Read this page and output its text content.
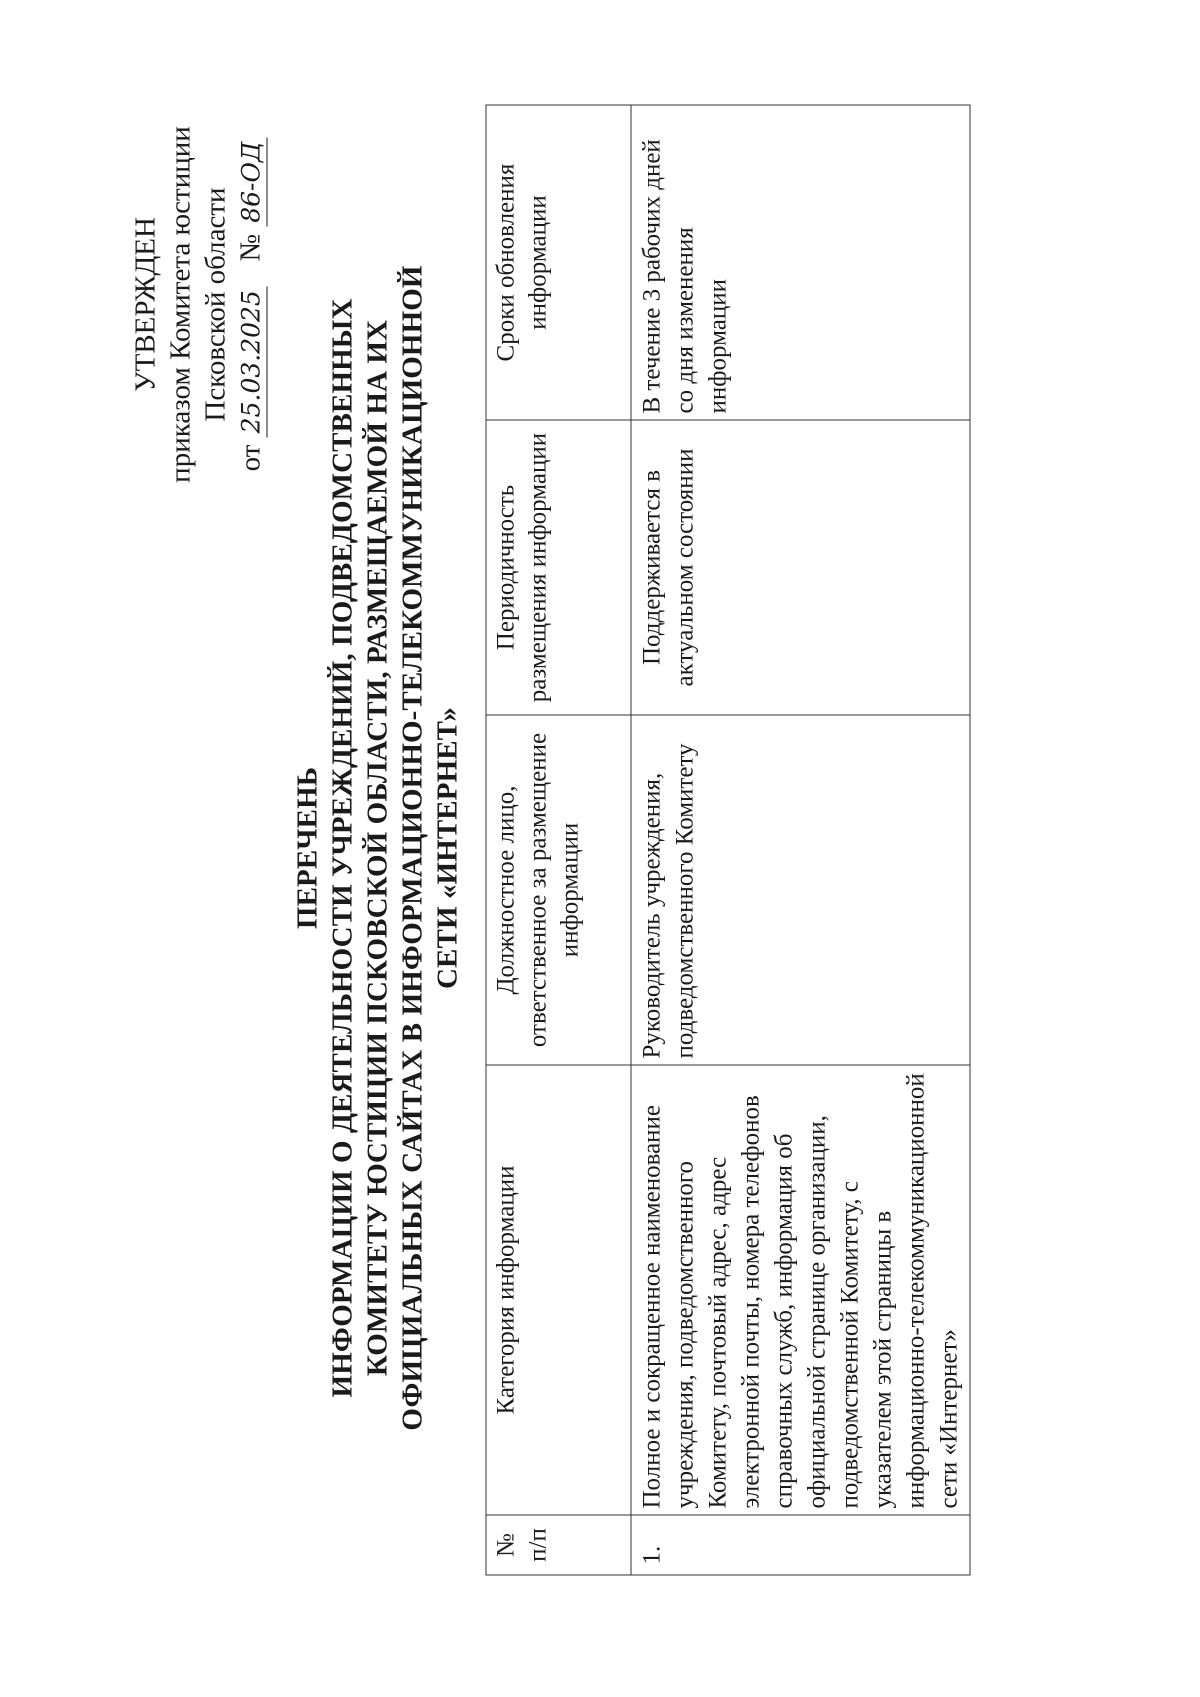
УТВЕРЖДЕН приказом Комитета юстиции Псковской области
от 25.03.2025  № 86-ОД
ПЕРЕЧЕНЬ ИНФОРМАЦИИ О ДЕЯТЕЛЬНОСТИ УЧРЕЖДЕНИЙ, ПОДВЕДОМСТВЕННЫХ КОМИТЕТУ ЮСТИЦИИ ПСКОВСКОЙ ОБЛАСТИ, РАЗМЕЩАЕМОЙ НА ИХ ОФИЦИАЛЬНЫХ САЙТАХ В ИНФОРМАЦИОННО-ТЕЛЕКОММУНИКАЦИОННОЙ СЕТИ «ИНТЕРНЕТ»
№ п/п	Категория информации	Должностное лицо, ответственное за размещение информации	Периодичность размещения информации	Сроки обновления информации
1.	Полное и сокращенное наименование учреждения, подведомственного Комитету, почтовый адрес, адрес электронной почты, номера телефонов справочных служб, информация об официальной странице организации, подведомственной Комитету, с указателем этой страницы в информационно-телекоммуникационной сети «Интернет»	Руководитель учреждения, подведомственного Комитету	Поддерживается в актуальном состоянии	В течение 3 рабочих дней со дня изменения информации
